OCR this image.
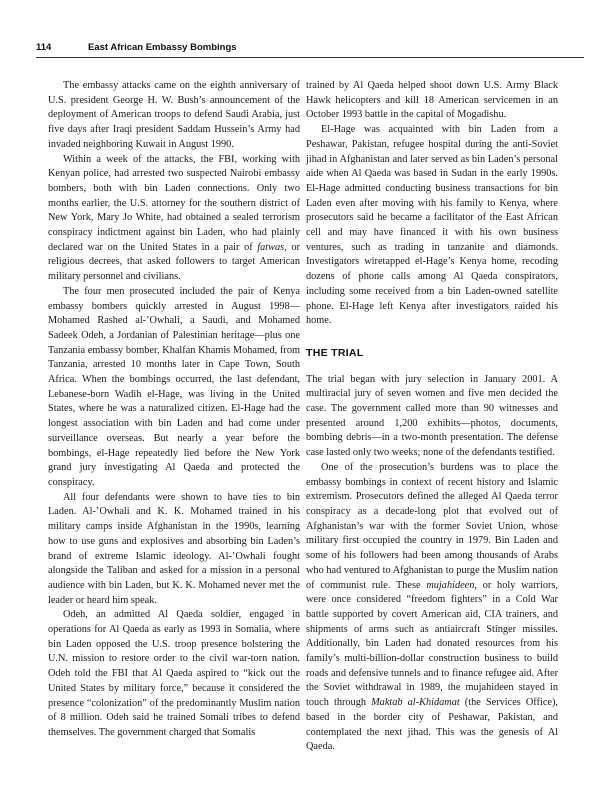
114	East African Embassy Bombings

The embassy attacks came on the eighth anniversary of U.S. president George H. W. Bush’s announcement of the deployment of American troops to defend Saudi Arabia, just five days after Iraqi president Saddam Hussein’s Army had invaded neighboring Kuwait in August 1990.

Within a week of the attacks, the FBI, working with Kenyan police, had arrested two suspected Nairobi embassy bombers, both with bin Laden connections. Only two months earlier, the U.S. attorney for the southern district of New York, Mary Jo White, had obtained a sealed terrorism conspiracy indictment against bin Laden, who had plainly declared war on the United States in a pair of fatwas, or religious decrees, that asked followers to target American military personnel and civilians.

The four men prosecuted included the pair of Kenya embassy bombers quickly arrested in August 1998—Mohamed Rashed al-’Owhali, a Saudi, and Mohamed Sadeek Odeh, a Jordanian of Palestinian heritage—plus one Tanzania embassy bomber, Khalfan Khamis Mohamed, from Tanzania, arrested 10 months later in Cape Town, South Africa. When the bombings occurred, the last defendant, Lebanese-born Wadih el-Hage, was living in the United States, where he was a naturalized citizen. El-Hage had the longest association with bin Laden and had come under surveillance overseas. But nearly a year before the bombings, el-Hage repeatedly lied before the New York grand jury investigating Al Qaeda and protected the conspiracy.

All four defendants were shown to have ties to bin Laden. Al-’Owhali and K. K. Mohamed trained in his military camps inside Afghanistan in the 1990s, learning how to use guns and explosives and absorbing bin Laden’s brand of extreme Islamic ideology. Al-’Owhali fought alongside the Taliban and asked for a mission in a personal audience with bin Laden, but K. K. Mohamed never met the leader or heard him speak.

Odeh, an admitted Al Qaeda soldier, engaged in operations for Al Qaeda as early as 1993 in Somalia, where bin Laden opposed the U.S. troop presence bolstering the U.N. mission to restore order to the civil war-torn nation. Odeh told the FBI that Al Qaeda aspired to “kick out the United States by military force,” because it considered the presence “colonization” of the predominantly Muslim nation of 8 million. Odeh said he trained Somali tribes to defend themselves. The government charged that Somalis

trained by Al Qaeda helped shoot down U.S. Army Black Hawk helicopters and kill 18 American servicemen in an October 1993 battle in the capital of Mogadishu.

El-Hage was acquainted with bin Laden from a Peshawar, Pakistan, refugee hospital during the anti-Soviet jihad in Afghanistan and later served as bin Laden’s personal aide when Al Qaeda was based in Sudan in the early 1990s. El-Hage admitted conducting business transactions for bin Laden even after moving with his family to Kenya, where prosecutors said he became a facilitator of the East African cell and may have financed it with his own business ventures, such as trading in tanzanite and diamonds. Investigators wiretapped el-Hage’s Kenya home, recoding dozens of phone calls among Al Qaeda conspirators, including some received from a bin Laden-owned satellite phone. El-Hage left Kenya after investigators raided his home.

THE TRIAL

The trial began with jury selection in January 2001. A multiracial jury of seven women and five men decided the case. The government called more than 90 witnesses and presented around 1,200 exhibits—photos, documents, bombing debris—in a two-month presentation. The defense case lasted only two weeks; none of the defendants testified.

One of the prosecution’s burdens was to place the embassy bombings in context of recent history and Islamic extremism. Prosecutors defined the alleged Al Qaeda terror conspiracy as a decade-long plot that evolved out of Afghanistan’s war with the former Soviet Union, whose military first occupied the country in 1979. Bin Laden and some of his followers had been among thousands of Arabs who had ventured to Afghanistan to purge the Muslim nation of communist rule. These mujahideen, or holy warriors, were once considered “freedom fighters” in a Cold War battle supported by covert American aid, CIA trainers, and shipments of arms such as antiaircraft Stinger missiles. Additionally, bin Laden had donated resources from his family’s multi-billion-dollar construction business to build roads and defensive tunnels and to finance refugee aid. After the Soviet withdrawal in 1989, the mujahideen stayed in touch through Maktab al-Khidamat (the Services Office), based in the border city of Peshawar, Pakistan, and contemplated the next jihad. This was the genesis of Al Qaeda.
